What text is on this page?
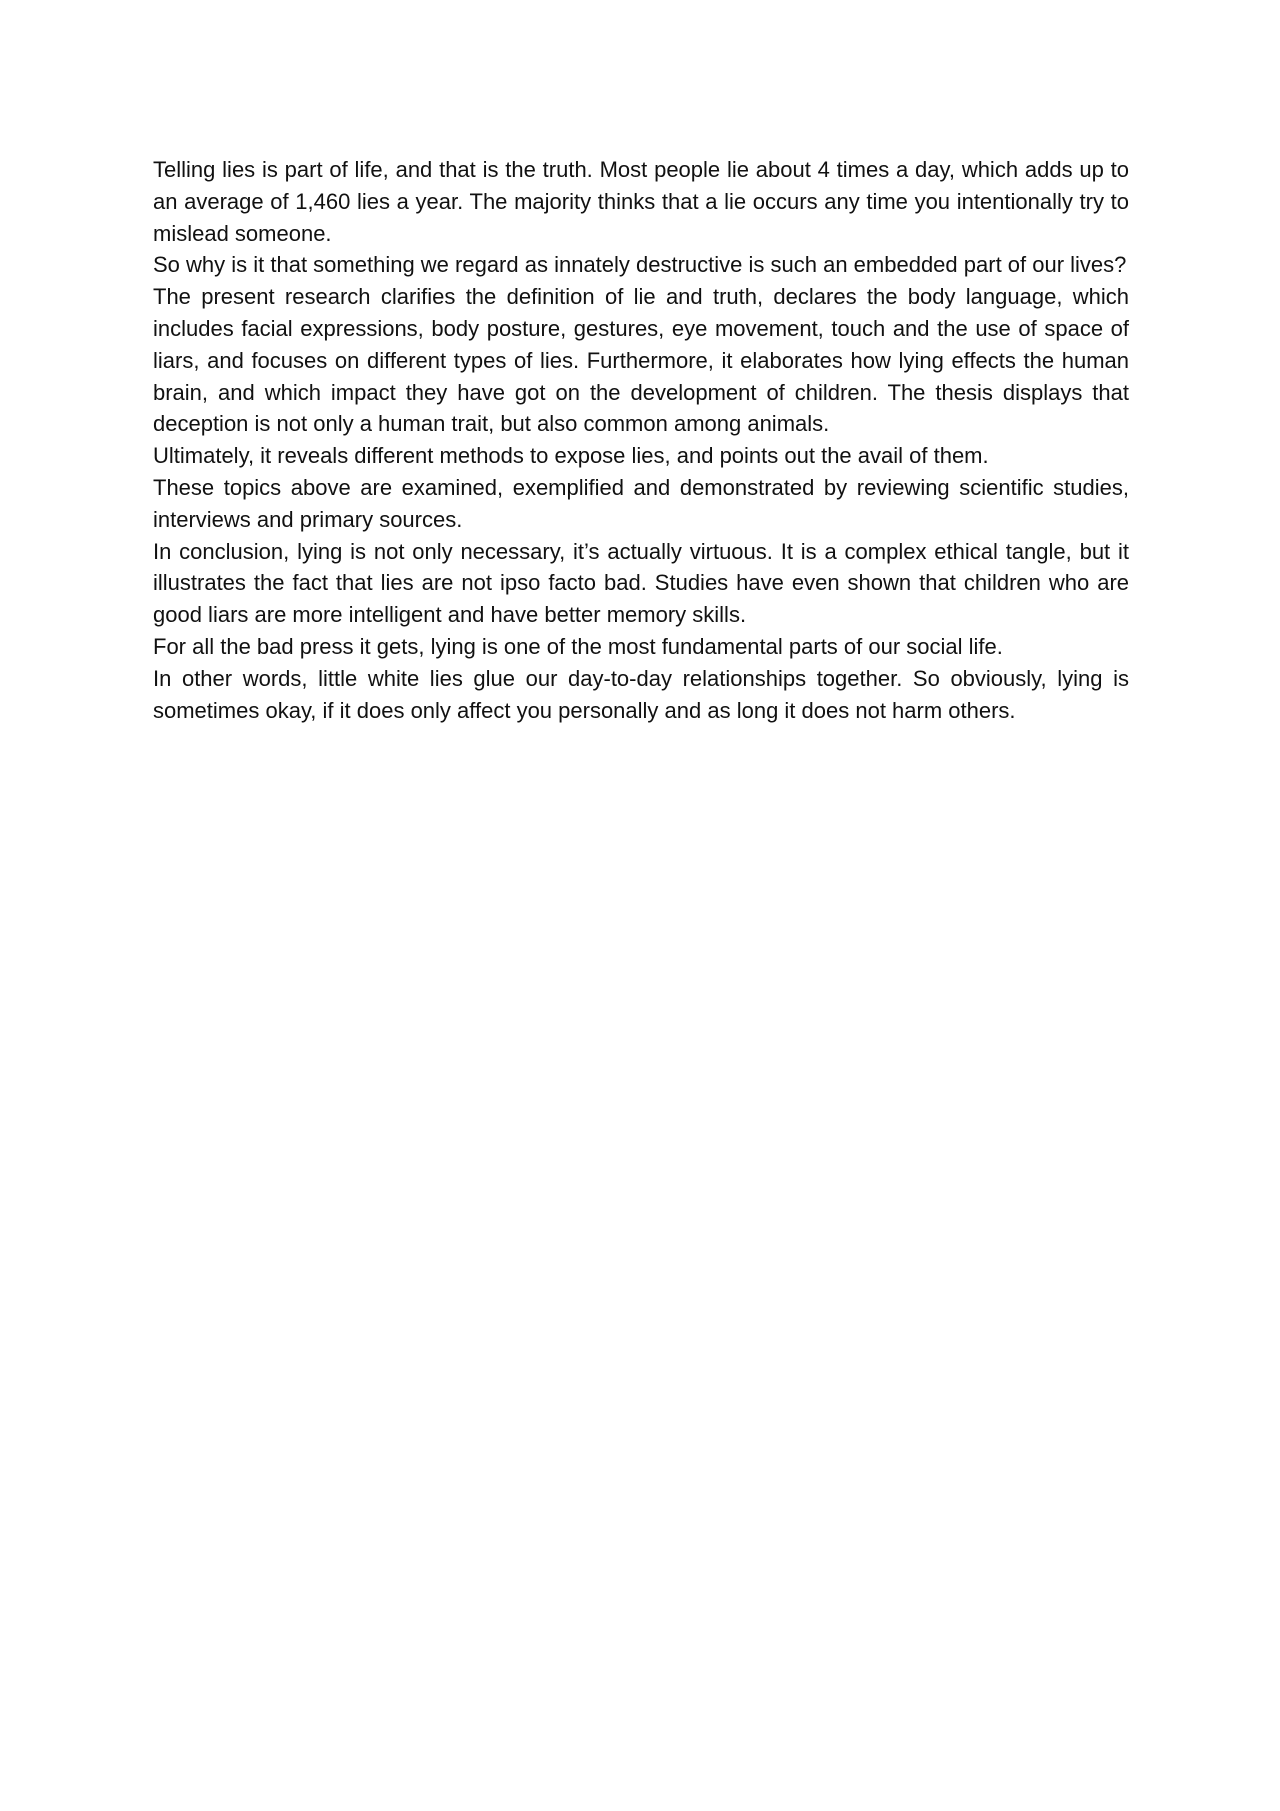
Telling lies is part of life, and that is the truth. Most people lie about 4 times a day, which adds up to an average of 1,460 lies a year. The majority thinks that a lie occurs any time you intentionally try to mislead someone.

So why is it that something we regard as innately destructive is such an embedded part of our lives?

The present research clarifies the definition of lie and truth, declares the body language, which includes facial expressions, body posture, gestures, eye movement, touch and the use of space of liars, and focuses on different types of lies. Furthermore, it elaborates how lying effects the human brain, and which impact they have got on the development of children. The thesis displays that deception is not only a human trait, but also common among animals.

Ultimately, it reveals different methods to expose lies, and points out the avail of them.

These topics above are examined, exemplified and demonstrated by reviewing scientific studies, interviews and primary sources.

In conclusion, lying is not only necessary, it’s actually virtuous. It is a complex ethical tangle, but it illustrates the fact that lies are not ipso facto bad. Studies have even shown that children who are good liars are more intelligent and have better memory skills.

For all the bad press it gets, lying is one of the most fundamental parts of our social life.

In other words, little white lies glue our day-to-day relationships together. So obviously, lying is sometimes okay, if it does only affect you personally and as long it does not harm others.
